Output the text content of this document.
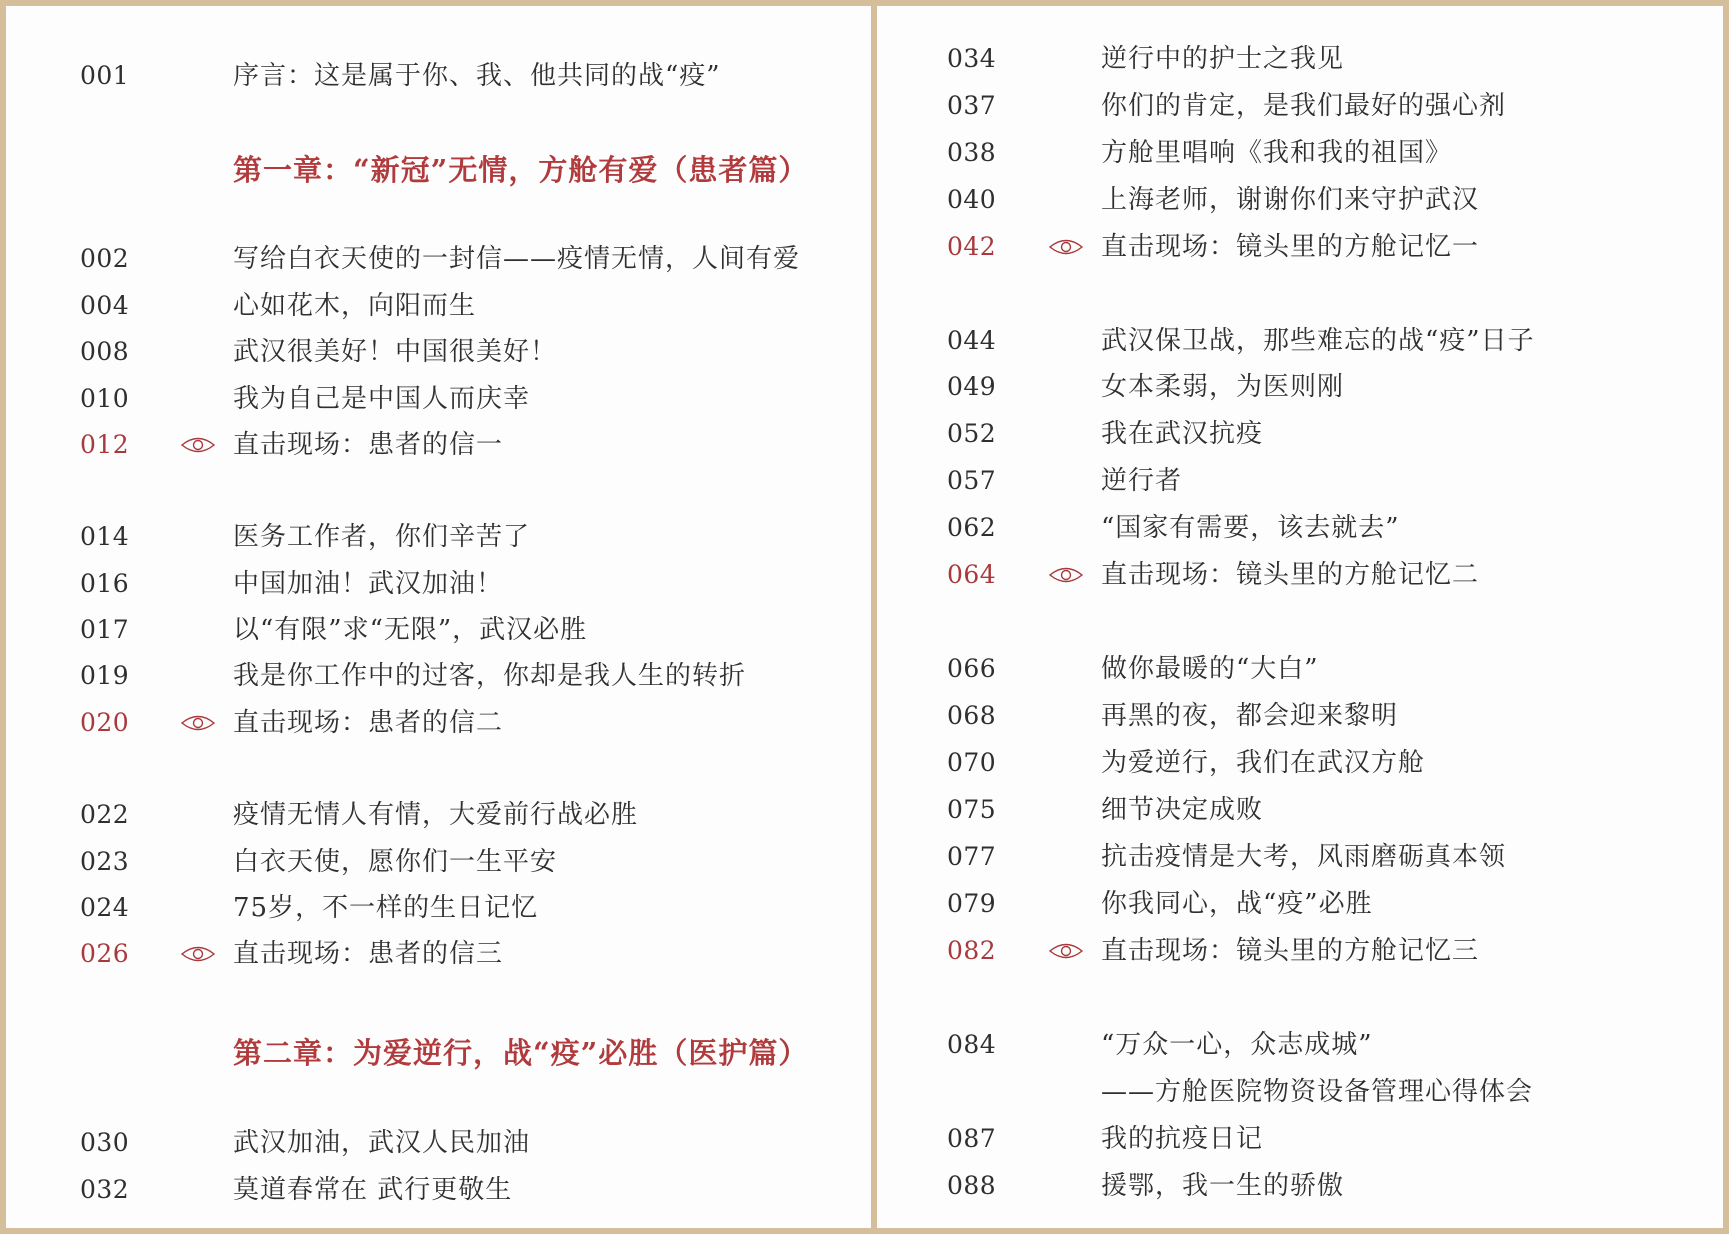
001	序言：这是属于你、我、他共同的战“疫”
第一章：“新冠”无情，方舱有爱（患者篇）
002	写给白衣天使的一封信——疫情无情，人间有爱
004	心如花木，向阳而生
008	武汉很美好！中国很美好！
010	我为自己是中国人而庆幸
012	直击现场：患者的信一
014	医务工作者，你们辛苦了
016	中国加油！武汉加油！
017	以“有限”求“无限”，武汉必胜
019	我是你工作中的过客，你却是我人生的转折
020	直击现场：患者的信二
022	疫情无情人有情，大爱前行战必胜
023	白衣天使，愿你们一生平安
024	75岁，不一样的生日记忆
026	直击现场：患者的信三
第二章：为爱逆行，战“疫”必胜（医护篇）
030	武汉加油，武汉人民加油
032	莫道春常在 武行更敬生
034	逆行中的护士之我见
037	你们的肯定，是我们最好的强心剂
038	方舱里唱响《我和我的祖国》
040	上海老师，谢谢你们来守护武汉
042	直击现场：镜头里的方舱记忆一
044	武汉保卫战，那些难忘的战“疫”日子
049	女本柔弱，为医则刚
052	我在武汉抗疫
057	逆行者
062	“国家有需要，该去就去”
064	直击现场：镜头里的方舱记忆二
066	做你最暖的“大白”
068	再黑的夜，都会迎来黎明
070	为爱逆行，我们在武汉方舱
075	细节决定成败
077	抗击疫情是大考，风雨磨砺真本领
079	你我同心，战“疫”必胜
082	直击现场：镜头里的方舱记忆三
084	“万众一心，众志成城”
——方舱医院物资设备管理心得体会
087	我的抗疫日记
088	援鄂，我一生的骄傲
